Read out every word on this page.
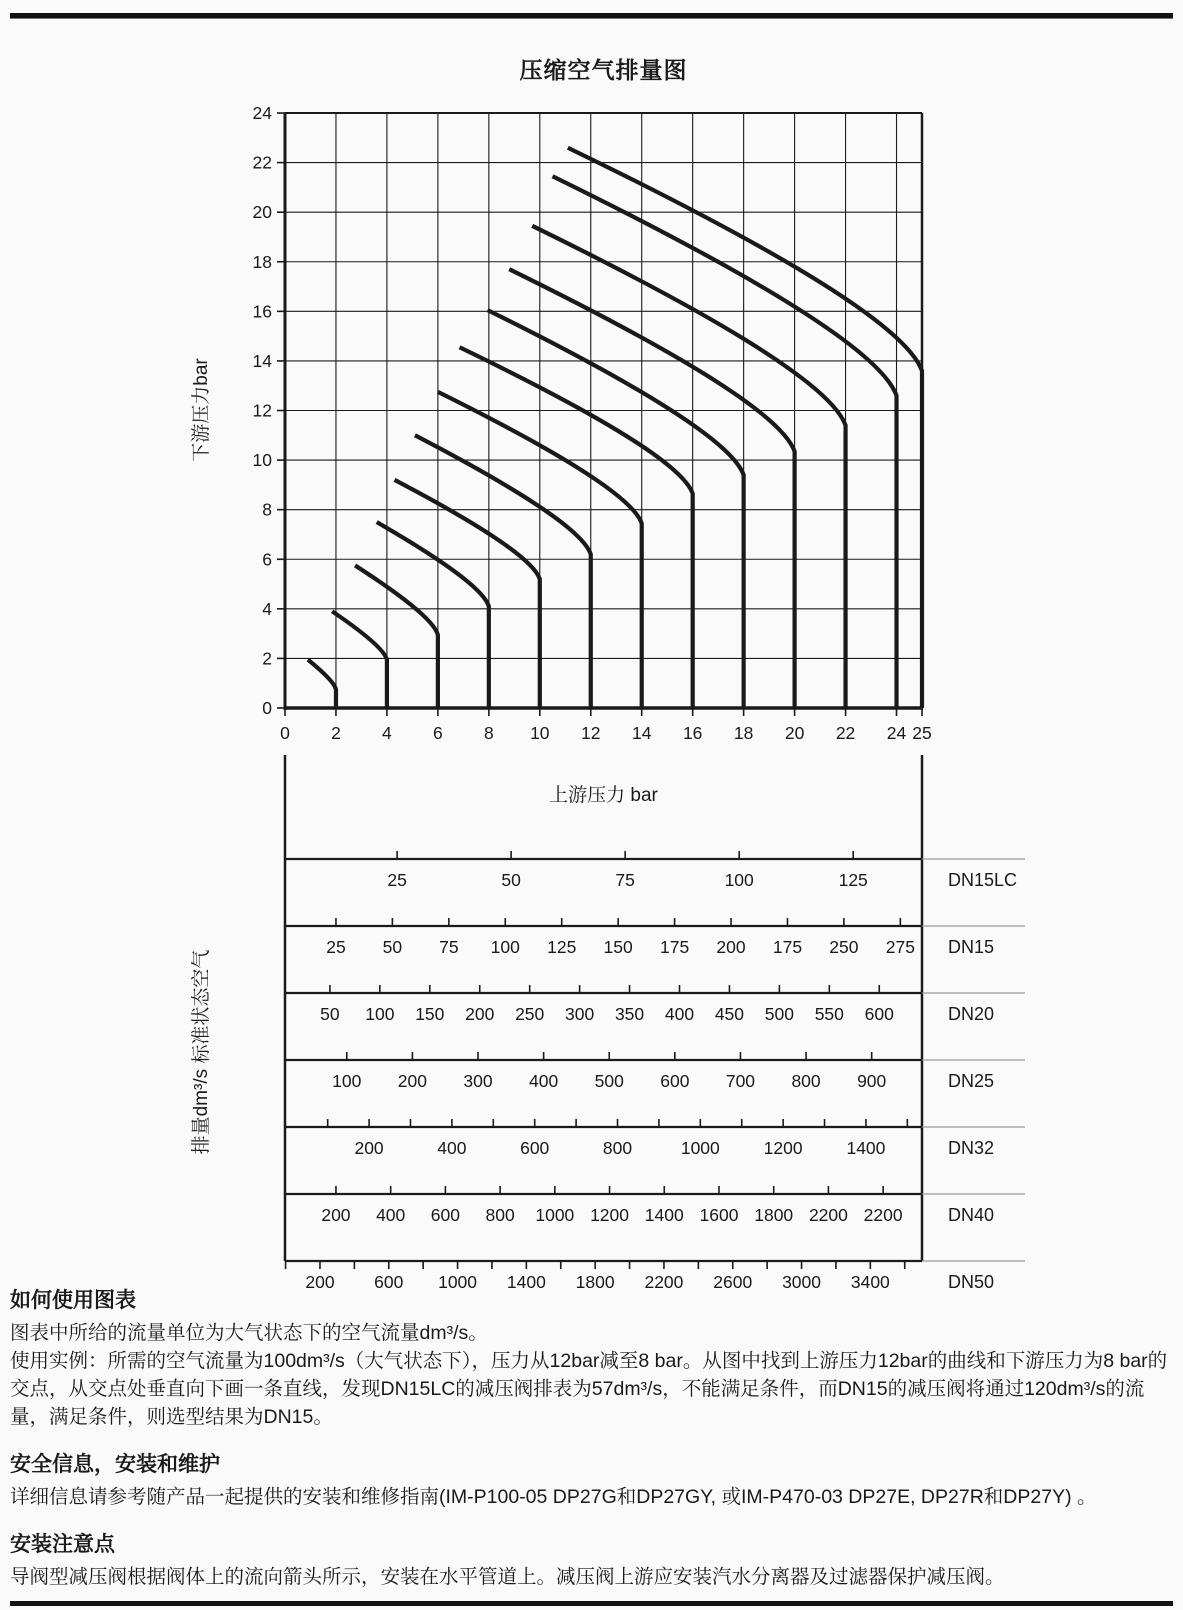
压缩空气排量图
0 2 4 6 8 10 12 14 16 18 20 22 24 25
0
2
4
6
8
10
12
14
16
18
20
22
24
上游压力 bar
下游压力bar
排量dm³/s 标准状态空气
25	50	75	100	125	DN15LC
25 50 75 100 125 150 175 200 175 250 275 DN15
50 100 150 200 250 300 350 400 450 500 550 600	DN20
100 200 300 400 500 600 700 800 900	DN25
200	400	600	800	1000	1200	1400	DN32
200 400 600 800 1000 1200 1400 1600 1800 2200 2200	DN40
200 600 1000 1400 1800 2200 2600 3000 3400	DN50
如何使用图表

图表中所给的流量单位为大气状态下的空气流量dm³/s。

使用实例：所需的空气流量为100dm³/s（大气状态下），压力从12bar减至8 bar。从图中找到上游压力12bar的曲线和下游压力为8 bar的交点，从交点处垂直向下画一条直线，发现DN15LC的减压阀排表为57dm³/s，不能满足条件，而DN15的减压阀将通过120dm³/s的流量，满足条件，则选型结果为DN15。

安全信息，安装和维护

详细信息请参考随产品一起提供的安装和维修指南(IM-P100-05 DP27G和DP27GY, 或IM-P470-03 DP27E, DP27R和DP27Y) 。

安装注意点

导阀型减压阀根据阀体上的流向箭头所示，安装在水平管道上。减压阀上游应安装汽水分离器及过滤器保护减压阀。
